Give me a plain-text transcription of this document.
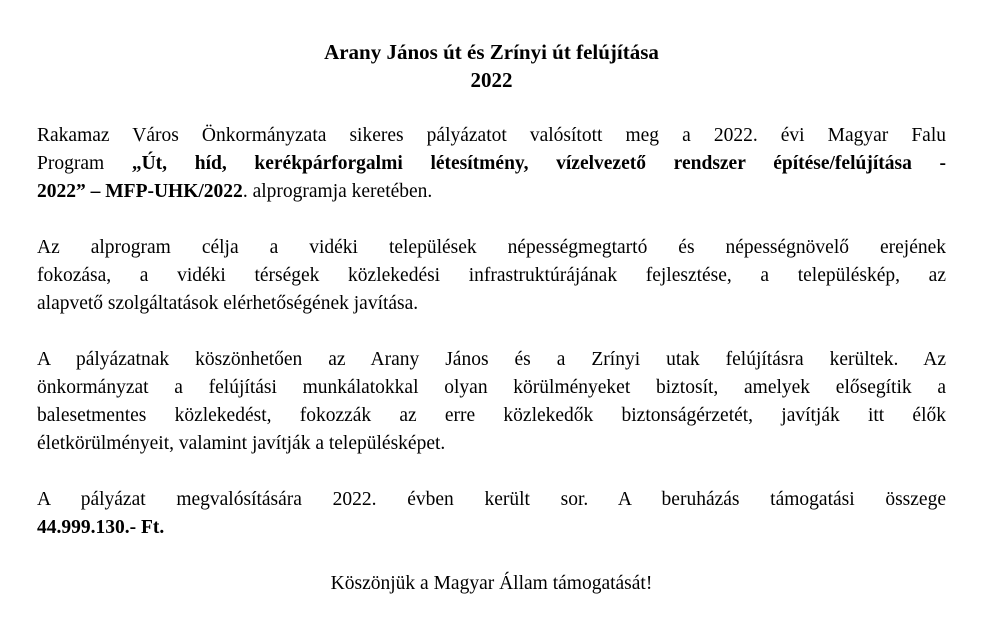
Arany János út és Zrínyi út felújítása
2022
Rakamaz Város Önkormányzata sikeres pályázatot valósított meg a 2022. évi Magyar Falu
Program „Út, híd, kerékpárforgalmi létesítmény, vízelvezető rendszer építése/felújítása -
2022” – MFP-UHK/2022. alprogramja keretében.
Az alprogram célja a vidéki települések népességmegtartó és népességnövelő erejének
fokozása, a vidéki térségek közlekedési infrastruktúrájának fejlesztése, a településkép, az
alapvető szolgáltatások elérhetőségének javítása.
A pályázatnak köszönhetően az Arany János és a Zrínyi utak felújításra kerültek. Az
önkormányzat a felújítási munkálatokkal olyan körülményeket biztosít, amelyek elősegítik a
balesetmentes közlekedést, fokozzák az erre közlekedők biztonságérzetét, javítják itt élők
életkörülményeit, valamint javítják a településképet.
A pályázat megvalósítására 2022. évben került sor. A beruházás támogatási összege
44.999.130.- Ft.
Köszönjük a Magyar Állam támogatását!
